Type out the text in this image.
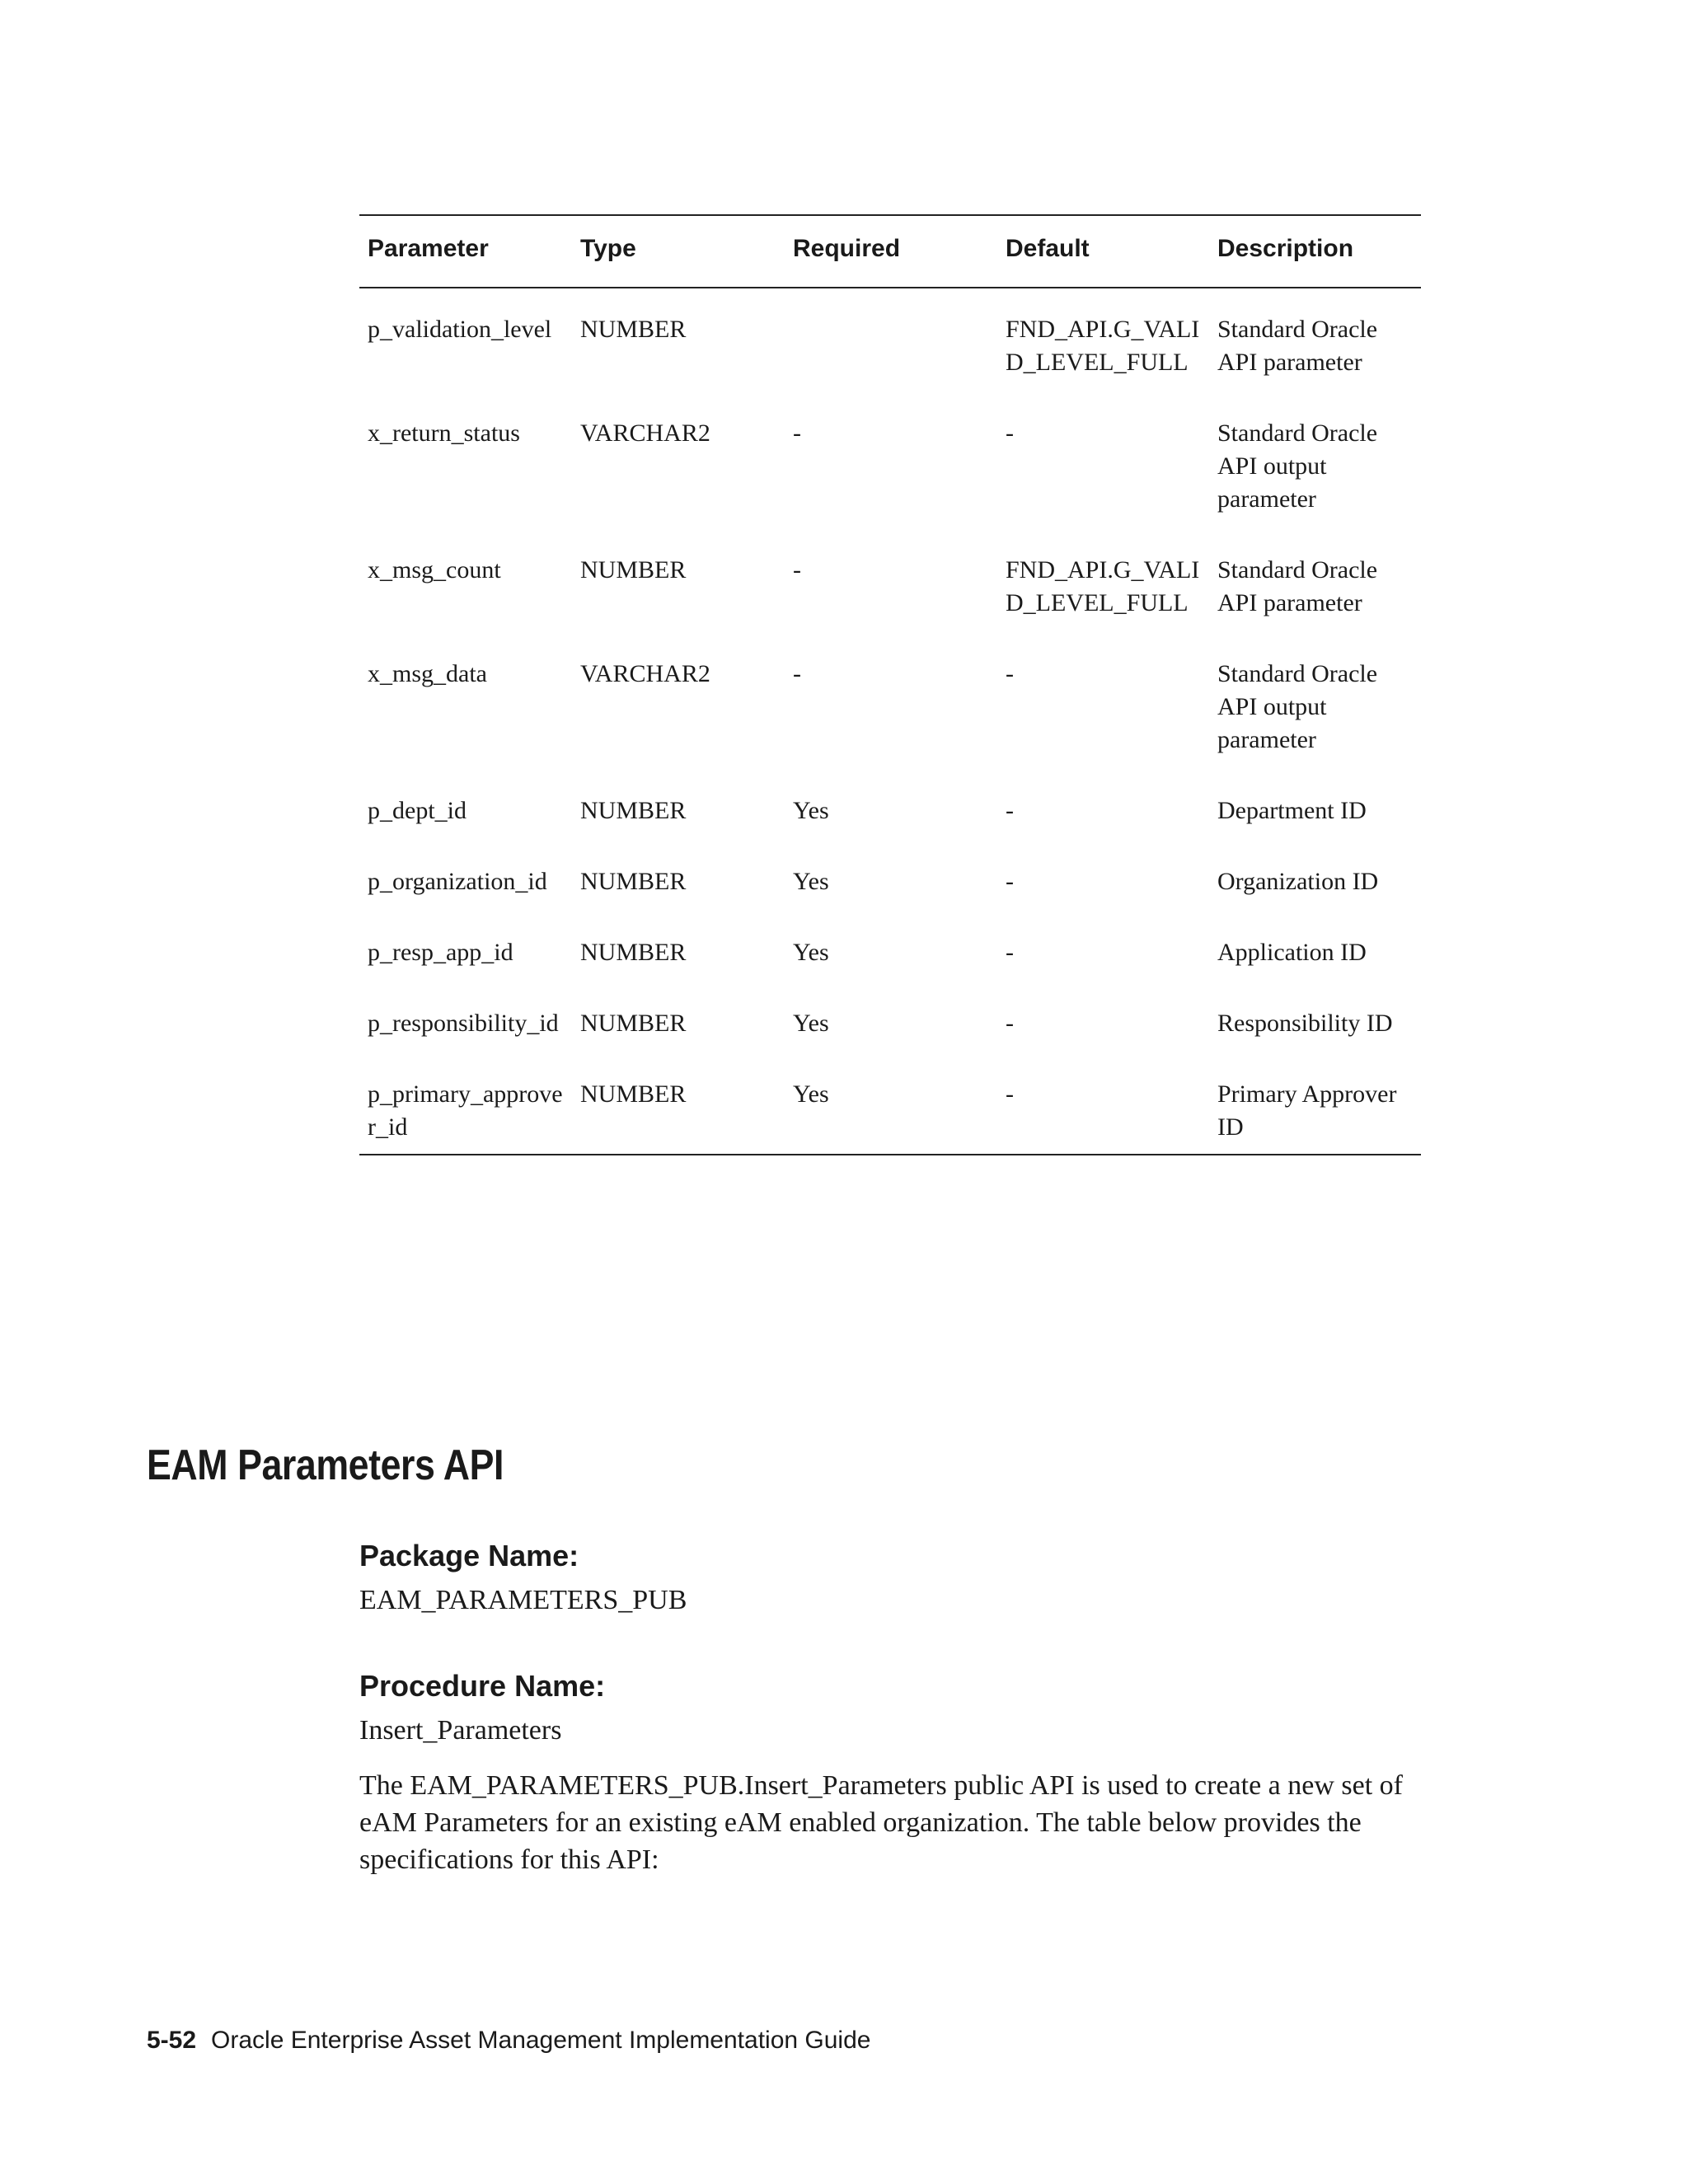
Parameter	Type	Required	Default	Description
p_validation_level	NUMBER		FND_API.G_VALID_LEVEL_FULL	Standard Oracle API parameter
x_return_status	VARCHAR2	-	-	Standard Oracle API output parameter
x_msg_count	NUMBER	-	FND_API.G_VALID_LEVEL_FULL	Standard Oracle API parameter
x_msg_data	VARCHAR2	-	-	Standard Oracle API output parameter
p_dept_id	NUMBER	Yes	-	Department ID
p_organization_id	NUMBER	Yes	-	Organization ID
p_resp_app_id	NUMBER	Yes	-	Application ID
p_responsibility_id	NUMBER	Yes	-	Responsibility ID
p_primary_approver_id	NUMBER	Yes	-	Primary Approver ID
EAM Parameters API
Package Name:

EAM_PARAMETERS_PUB

Procedure Name:

Insert_Parameters

The EAM_PARAMETERS_PUB.Insert_Parameters public API is used to create a new set of eAM Parameters for an existing eAM enabled organization. The table below provides the specifications for this API:

5-52 Oracle Enterprise Asset Management Implementation Guide
